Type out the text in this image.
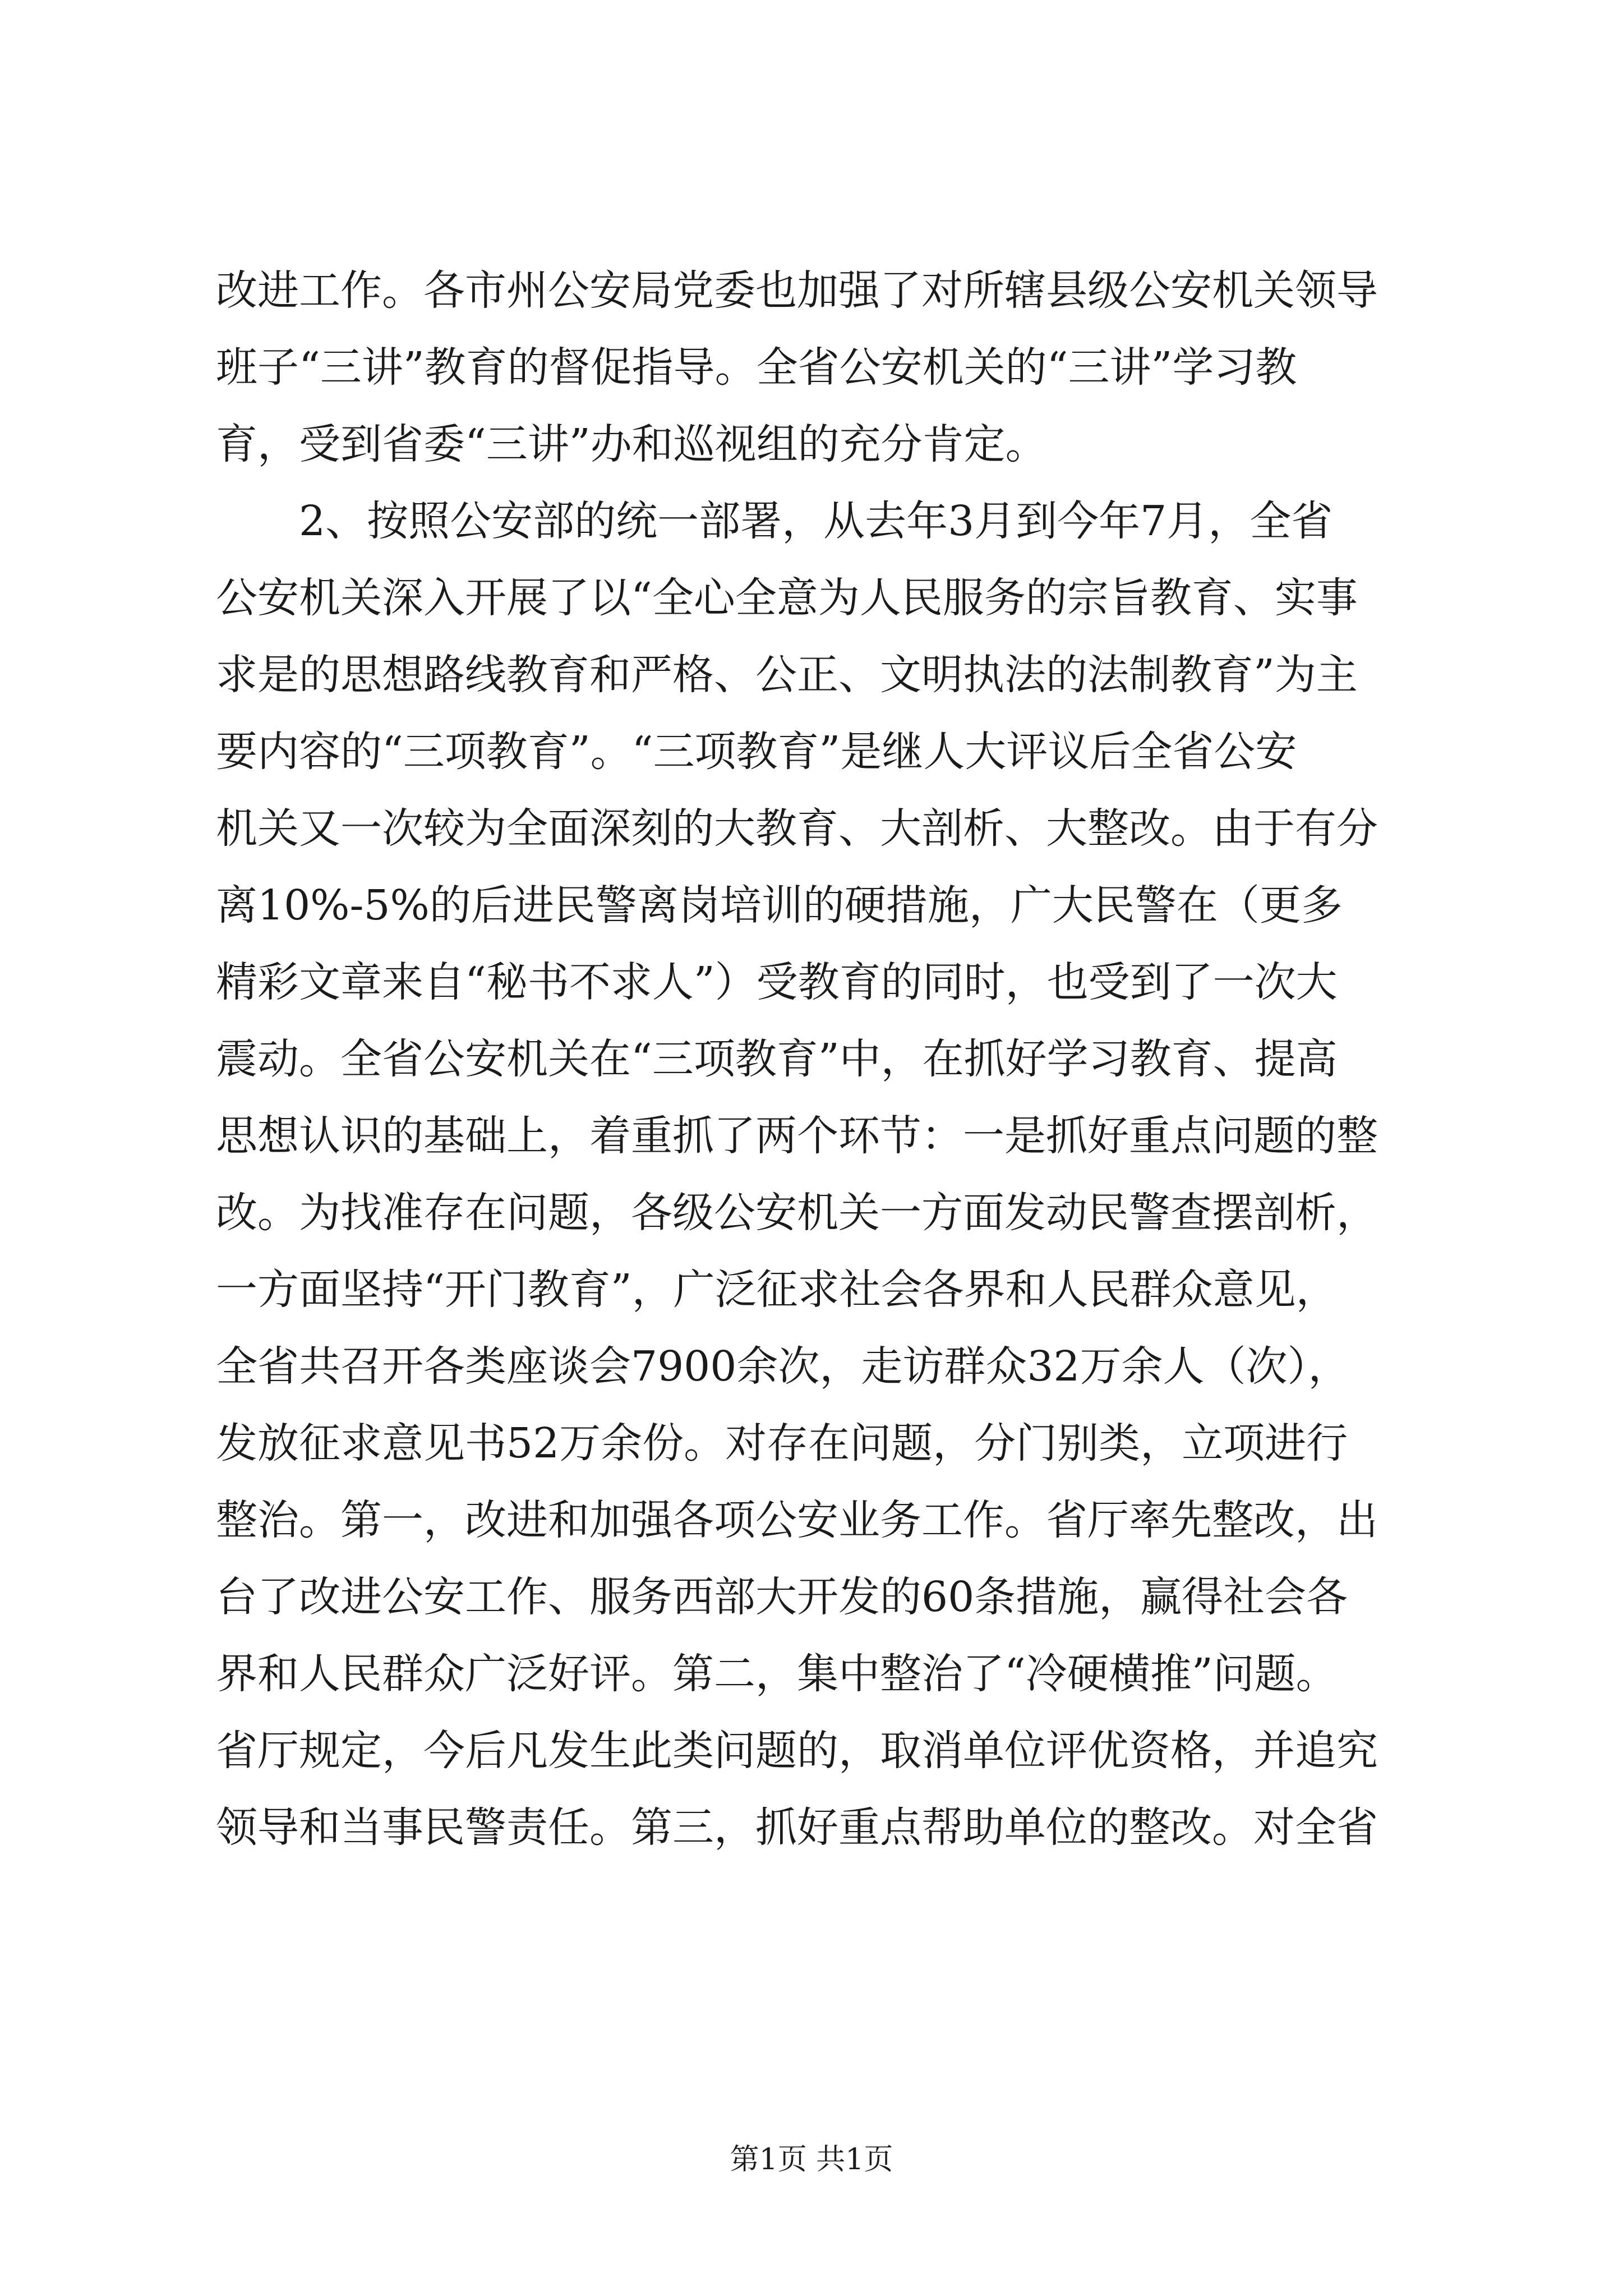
改进工作。各市州公安局党委也加强了对所辖县级公安机关领导
班子“三讲”教育的督促指导。全省公安机关的“三讲”学习教
育，受到省委“三讲”办和巡视组的充分肯定。
2、按照公安部的统一部署，从去年3月到今年7月，全省
公安机关深入开展了以“全心全意为人民服务的宗旨教育、实事
求是的思想路线教育和严格、公正、文明执法的法制教育”为主
要内容的“三项教育”。“三项教育”是继人大评议后全省公安
机关又一次较为全面深刻的大教育、大剖析、大整改。由于有分
离10%-5%的后进民警离岗培训的硬措施，广大民警在（更多
精彩文章来自“秘书不求人”）受教育的同时，也受到了一次大
震动。全省公安机关在“三项教育”中，在抓好学习教育、提高
思想认识的基础上，着重抓了两个环节：一是抓好重点问题的整
改。为找准存在问题，各级公安机关一方面发动民警查摆剖析，
一方面坚持“开门教育”，广泛征求社会各界和人民群众意见，
全省共召开各类座谈会7900余次，走访群众32万余人（次），
发放征求意见书52万余份。对存在问题，分门别类，立项进行
整治。第一，改进和加强各项公安业务工作。省厅率先整改，出
台了改进公安工作、服务西部大开发的60条措施，赢得社会各
界和人民群众广泛好评。第二，集中整治了“冷硬横推”问题。
省厅规定，今后凡发生此类问题的，取消单位评优资格，并追究
领导和当事民警责任。第三，抓好重点帮助单位的整改。对全省
第1页 共1页
